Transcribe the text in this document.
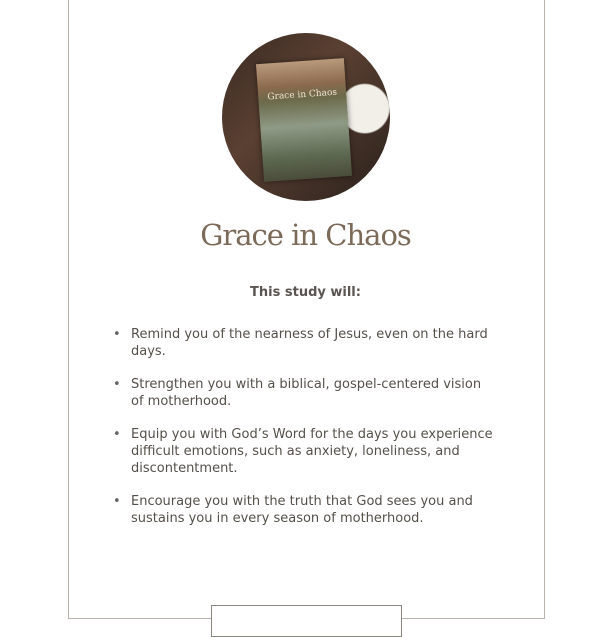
Grace in Chaos
Grace in Chaos
This study will:
• Remind you of the nearness of Jesus, even on the hard days.
• Strengthen you with a biblical, gospel-centered vision of motherhood.
• Equip you with God’s Word for the days you experience difficult emotions, such as anxiety, loneliness, and discontentment.
• Encourage you with the truth that God sees you and sustains you in every season of motherhood.
